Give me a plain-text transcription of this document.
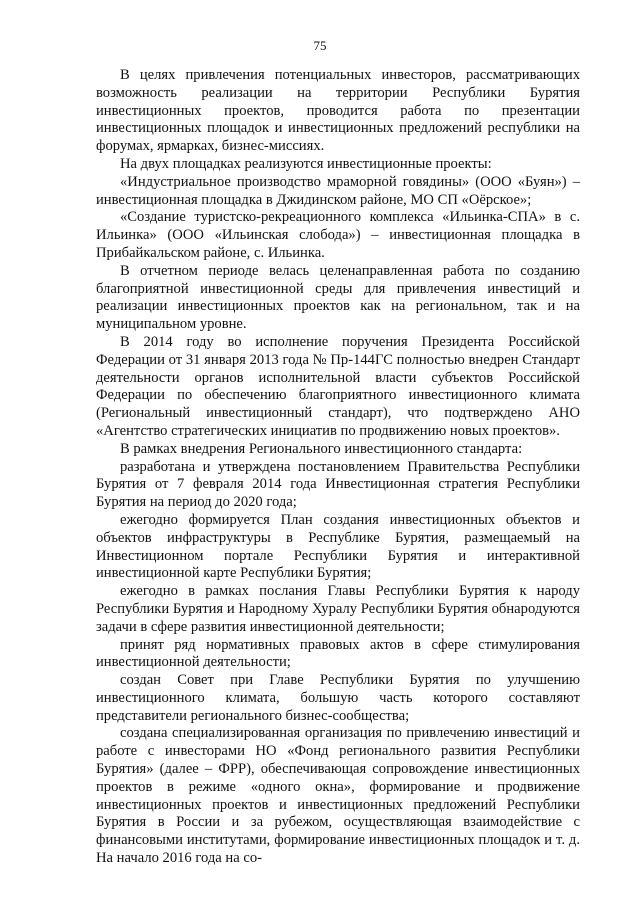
75

В целях привлечения потенциальных инвесторов, рассматривающих возможность реализации на территории Республики Бурятия инвестиционных проектов, проводится работа по презентации инвестиционных площадок и инвестиционных предложений республики на форумах, ярмарках, бизнес-миссиях.

На двух площадках реализуются инвестиционные проекты:

«Индустриальное производство мраморной говядины» (ООО «Буян») – инвестиционная площадка в Джидинском районе, МО СП «Оёрское»;

«Создание туристско-рекреационного комплекса «Ильинка-СПА» в с. Ильинка» (ООО «Ильинская слобода») – инвестиционная площадка в Прибайкальском районе, с. Ильинка.

В отчетном периоде велась целенаправленная работа по созданию благоприятной инвестиционной среды для привлечения инвестиций и реализации инвестиционных проектов как на региональном, так и на муниципальном уровне.

В 2014 году во исполнение поручения Президента Российской Федерации от 31 января 2013 года № Пр-144ГС полностью внедрен Стандарт деятельности органов исполнительной власти субъектов Российской Федерации по обеспечению благоприятного инвестиционного климата (Региональный инвестиционный стандарт), что подтверждено АНО «Агентство стратегических инициатив по продвижению новых проектов».

В рамках внедрения Регионального инвестиционного стандарта:

разработана и утверждена постановлением Правительства Республики Бурятия от 7 февраля 2014 года Инвестиционная стратегия Республики Бурятия на период до 2020 года;

ежегодно формируется План создания инвестиционных объектов и объектов инфраструктуры в Республике Бурятия, размещаемый на Инвестиционном портале Республики Бурятия и интерактивной инвестиционной карте Республики Бурятия;

ежегодно в рамках послания Главы Республики Бурятия к народу Республики Бурятия и Народному Хуралу Республики Бурятия обнародуются задачи в сфере развития инвестиционной деятельности;

принят ряд нормативных правовых актов в сфере стимулирования инвестиционной деятельности;

создан Совет при Главе Республики Бурятия по улучшению инвестиционного климата, большую часть которого составляют представители регионального бизнес-сообщества;

создана специализированная организация по привлечению инвестиций и работе с инвесторами НО «Фонд регионального развития Республики Бурятия» (далее – ФРР), обеспечивающая сопровождение инвестиционных проектов в режиме «одного окна», формирование и продвижение инвестиционных проектов и инвестиционных предложений Республики Бурятия в России и за рубежом, осуществляющая взаимодействие с финансовыми институтами, формирование инвестиционных площадок и т. д. На начало 2016 года на со-
